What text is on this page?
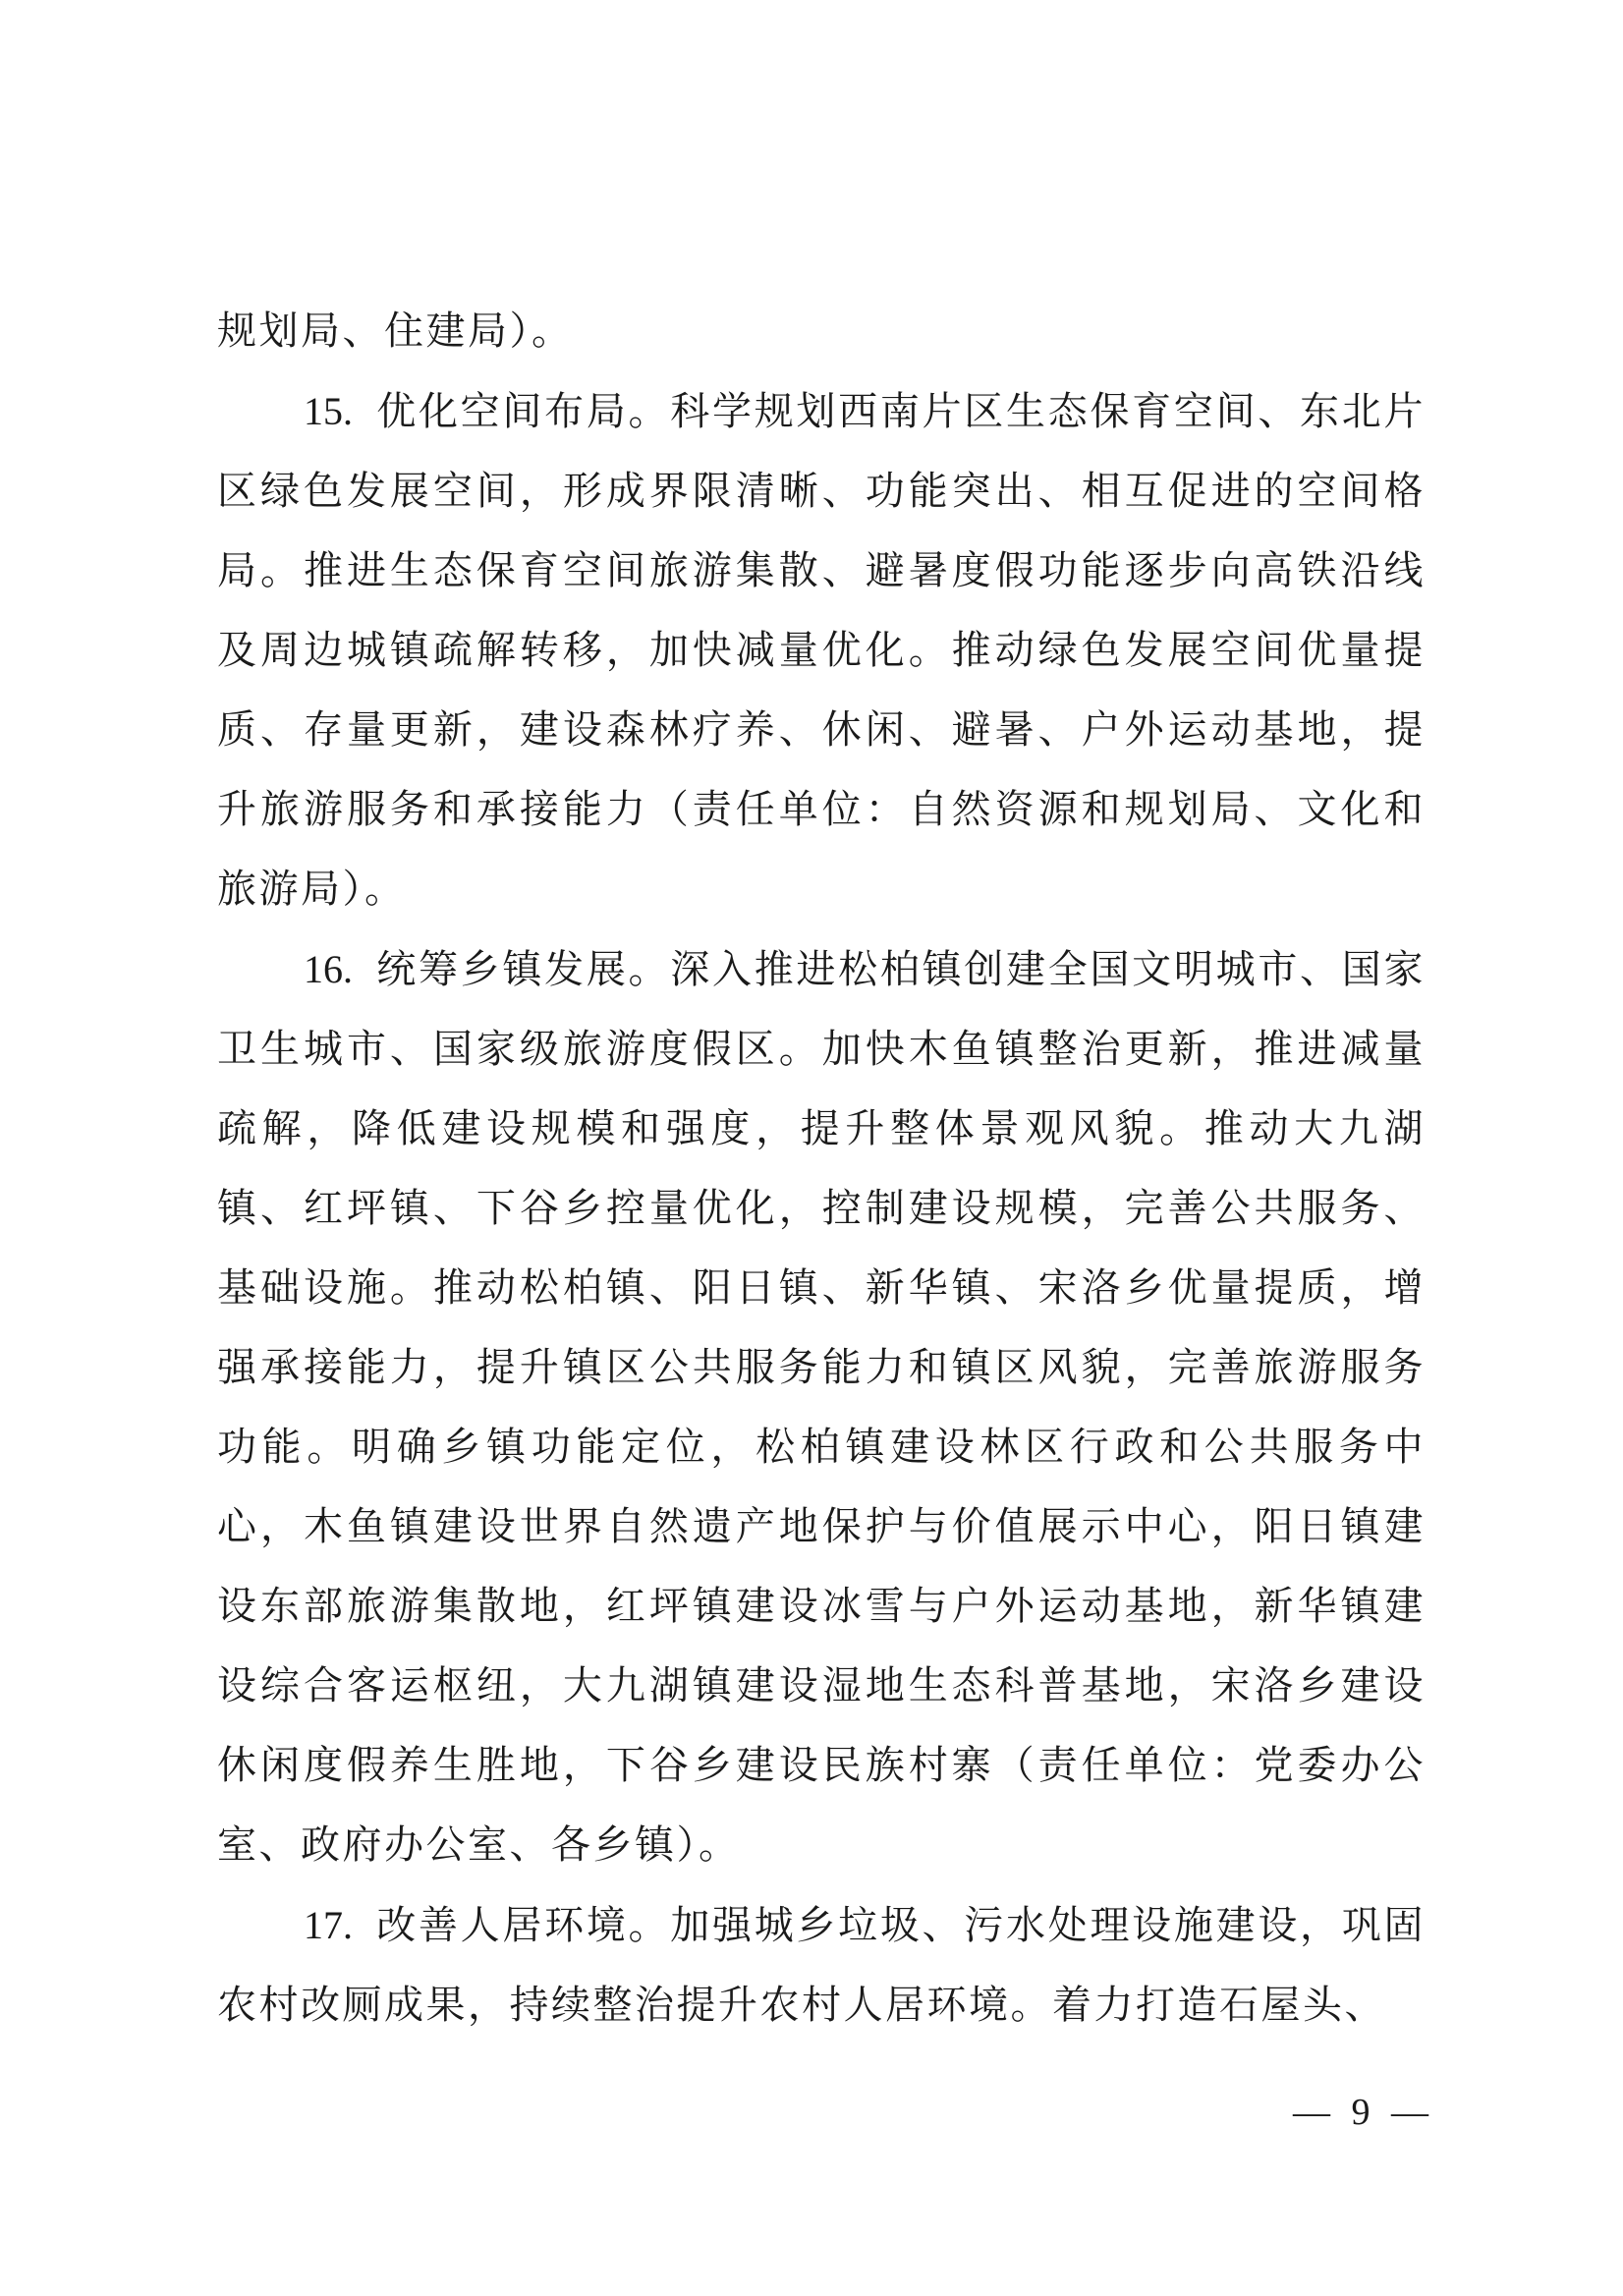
规划局、住建局）。

15. 优化空间布局。科学规划西南片区生态保育空间、东北片区绿色发展空间，形成界限清晰、功能突出、相互促进的空间格局。推进生态保育空间旅游集散、避暑度假功能逐步向高铁沿线及周边城镇疏解转移，加快减量优化。推动绿色发展空间优量提质、存量更新，建设森林疗养、休闲、避暑、户外运动基地，提升旅游服务和承接能力（责任单位：自然资源和规划局、文化和旅游局）。

16. 统筹乡镇发展。深入推进松柏镇创建全国文明城市、国家卫生城市、国家级旅游度假区。加快木鱼镇整治更新，推进减量疏解，降低建设规模和强度，提升整体景观风貌。推动大九湖镇、红坪镇、下谷乡控量优化，控制建设规模，完善公共服务、基础设施。推动松柏镇、阳日镇、新华镇、宋洛乡优量提质，增强承接能力，提升镇区公共服务能力和镇区风貌，完善旅游服务功能。明确乡镇功能定位，松柏镇建设林区行政和公共服务中心，木鱼镇建设世界自然遗产地保护与价值展示中心，阳日镇建设东部旅游集散地，红坪镇建设冰雪与户外运动基地，新华镇建设综合客运枢纽，大九湖镇建设湿地生态科普基地，宋洛乡建设休闲度假养生胜地，下谷乡建设民族村寨（责任单位：党委办公室、政府办公室、各乡镇）。

17. 改善人居环境。加强城乡垃圾、污水处理设施建设，巩固农村改厕成果，持续整治提升农村人居环境。着力打造石屋头、

— 9 —
